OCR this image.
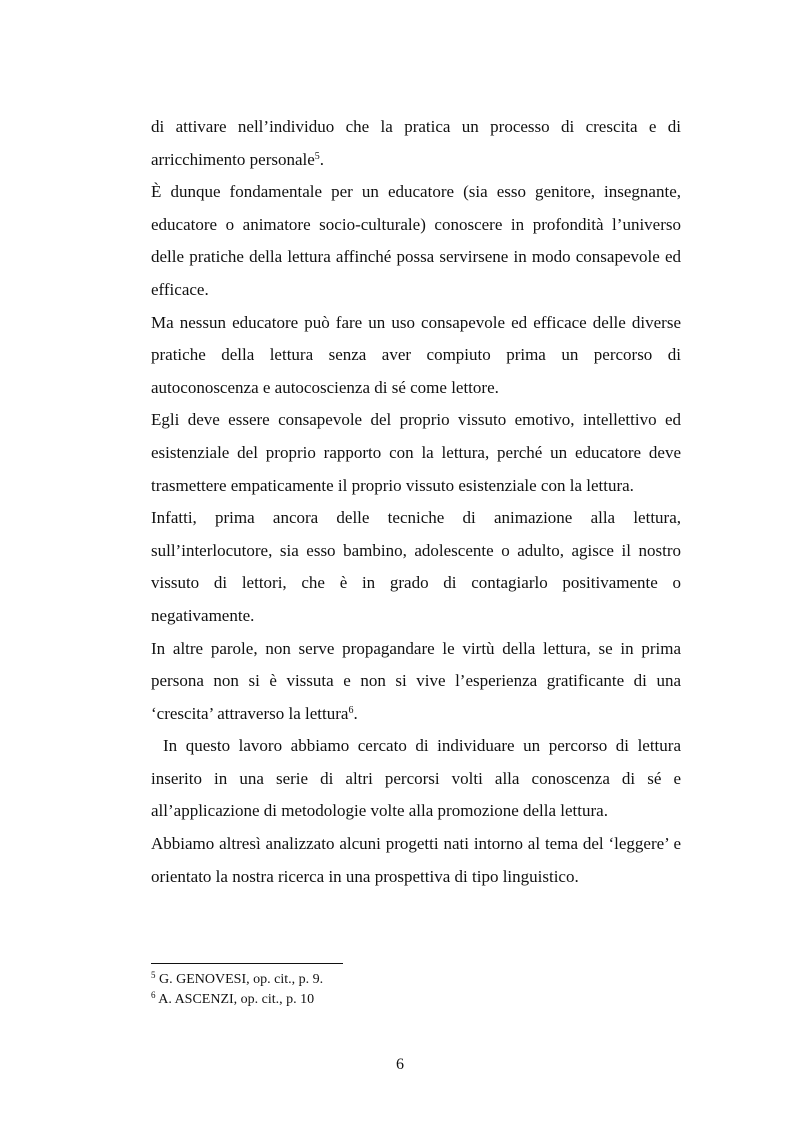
di attivare nell’individuo che la pratica un processo di crescita e di arricchimento personale$^5$.

È dunque fondamentale per un educatore (sia esso genitore, insegnante, educatore o animatore socio-culturale) conoscere in profondità l’universo delle pratiche della lettura affinché possa servirsene in modo consapevole ed efficace.

Ma nessun educatore può fare un uso consapevole ed efficace delle diverse pratiche della lettura senza aver compiuto prima un percorso di autoconoscenza e autocoscienza di sé come lettore.

Egli deve essere consapevole del proprio vissuto emotivo, intellettivo ed esistenziale del proprio rapporto con la lettura, perché un educatore deve trasmettere empaticamente il proprio vissuto esistenziale con la lettura.

Infatti, prima ancora delle tecniche di animazione alla lettura, sull’interlocutore, sia esso bambino, adolescente o adulto, agisce il nostro vissuto di lettori, che è in grado di contagiarlo positivamente o negativamente.

In altre parole, non serve propagandare le virtù della lettura, se in prima persona non si è vissuta e non si vive l’esperienza gratificante di una ‘crescita’ attraverso la lettura$^6$.

In questo lavoro abbiamo cercato di individuare un percorso di lettura inserito in una serie di altri percorsi volti alla conoscenza di sé e all’applicazione di metodologie volte alla promozione della lettura.

Abbiamo altresì analizzato alcuni progetti nati intorno al tema del ‘leggere’ e orientato la nostra ricerca in una prospettiva di tipo linguistico.

$^5$ G. GENOVESI, op. cit., p. 9.
$^6$ A. ASCENZI, op. cit., p. 10
6
